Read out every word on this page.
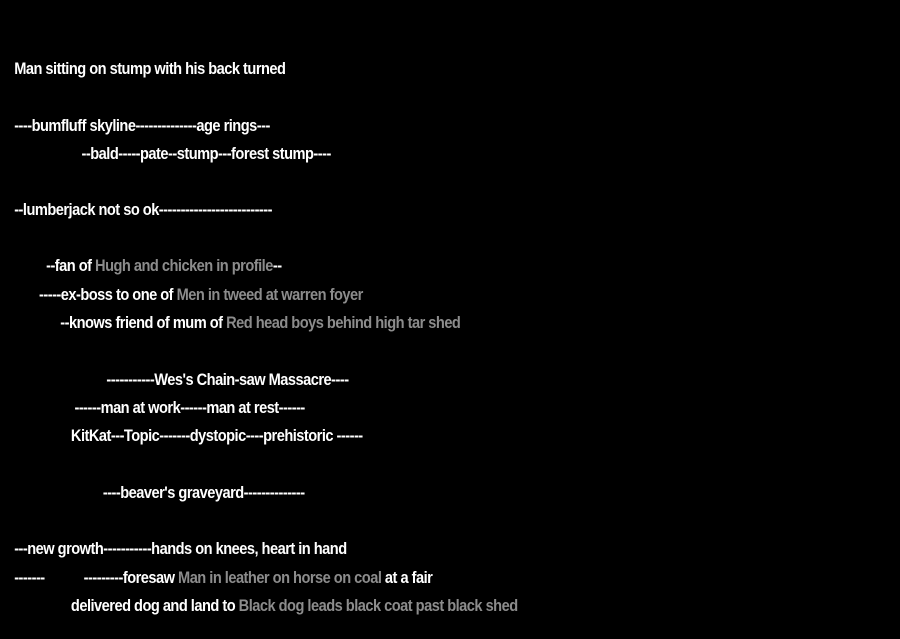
Man sitting on stump with his back turned

----bumfluff skyline--------------age rings---

--bald-----pate--stump---forest stump----

--lumberjack not so ok--------------------------

--fan of Hugh and chicken in profile--

-----ex-boss to one of Men in tweed at warren foyer

--knows friend of mum of Red head boys behind high tar shed

-----------Wes's Chain-saw Massacre----

------man at work------man at rest------

KitKat---Topic-------dystopic----prehistoric ------

----beaver's graveyard--------------

---new growth-----------hands on knees, heart in hand

-------           ---------foresaw Man in leather on horse on coal at a fair

delivered dog and land to Black dog leads black coat past black shed
